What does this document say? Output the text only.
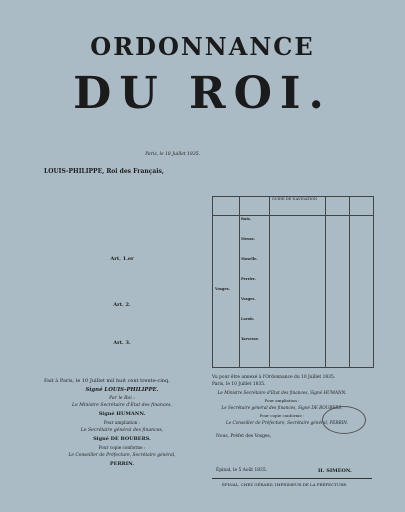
ORDONNANCE
DU ROI.
Paris, le 18 Juillet 1835.
LOUIS-PHILIPPE, Roi des Français,
Art. 1.er
Art. 2.
Art. 3.
Fait à Paris, le 10 Juillet mil huit cent trente-cinq.
Signé LOUIS-PHILIPPE.
Par le Roi :
Le Ministre Secrétaire d'Etat des finances,
Signé HUMANN.
Pour ampliation :
Le Secrétaire général des finances,
Signé DE BOUBERS.
Pour copie conforme :
Le Conseiller de Préfecture, Secrétaire général,
PERRIN.
GUIDE DE NAVIGATION
Vosges.
Ruis.
Meuse.
Moselle.
Perrier.
Vosges.
Lavoir.
Tarvesse.
Vu pour être annexé à l'Ordonnance du 10 Juillet 1835.
Paris, le 10 Juillet 1835.
Le Ministre Secrétaire d'Etat des finances, Signé HUMANN.
Pour ampliation :
Le Secrétaire général des finances, Signé DE BOUBERS.
Pour copie conforme :
Le Conseiller de Préfecture, Secrétaire général, PERRIN.
Nous, Préfet des Vosges,
Épinal, le 5 Août 1835.	H. SIMÉON.
ÉPINAL, CHEZ GÉRARD, IMPRIMEUR DE LA PRÉFECTURE.
